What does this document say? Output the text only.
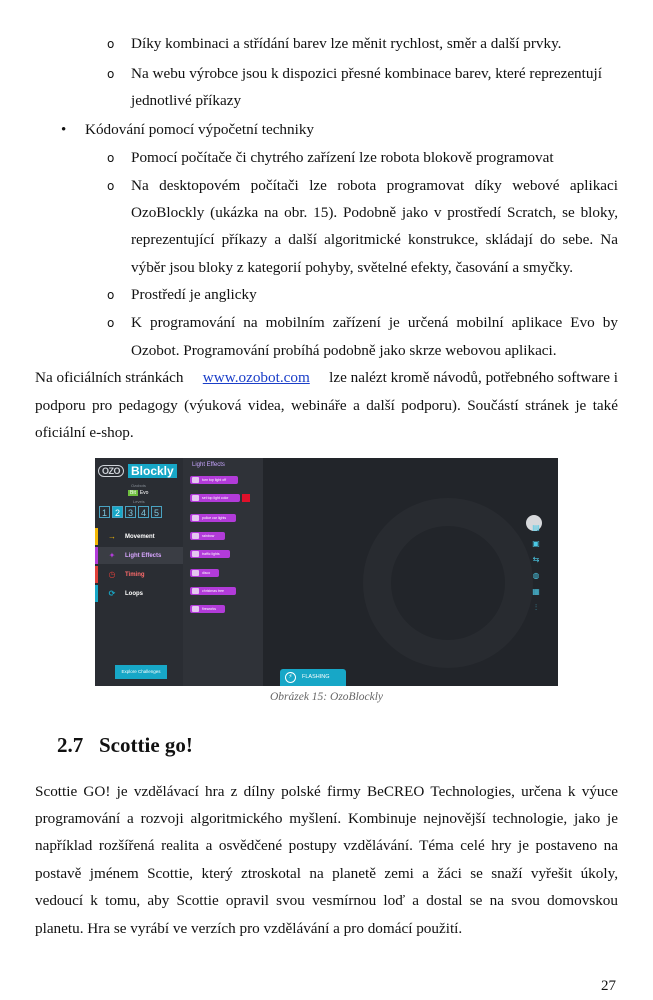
o Díky kombinaci a střídání barev lze měnit rychlost, směr a další prvky.
o Na webu výrobce jsou k dispozici přesné kombinace barev, které reprezentují
jednotlivé příkazy
• Kódování pomocí výpočetní techniky
o Pomocí počítače či chytrého zařízení lze robota blokově programovat
o Na desktopovém počítači lze robota programovat díky webové aplikaci
OzoBlockly (ukázka na obr. 15). Podobně jako v prostředí Scratch, se bloky,
reprezentující příkazy a další algoritmické konstrukce, skládají do sebe. Na
výběr jsou bloky z kategorií pohyby, světelné efekty, časování a smyčky.
o Prostředí je anglicky
o K programování na mobilním zařízení je určená mobilní aplikace Evo by
Ozobot. Programování probíhá podobně jako skrze webovou aplikaci.
Na oficiálních stránkách www.ozobot.com lze nalézt kromě návodů, potřebného software i
podporu pro pedagogy (výuková videa, webináře a další podporu). Součástí stránek je také
oficiální e-shop.
OZO Blockly
Ozobots
Bit Evo
Levels
1 2 3 4 5
→ Movement
✦ Light Effects
◷ Timing
⟳ Loops
Explore Challenges
Light Effects
turn top light off
set top light color
police car lights
rainbow
traffic lights
disco
christmas tree
fireworks
▤
▣
⇆
◍
▦
⫶
⚡	FLASHING
Obrázek 15: OzoBlockly
2.7 Scottie go!
Scottie GO! je vzdělávací hra z dílny polské firmy BeCREO Technologies, určena k výuce
programování a rozvoji algoritmického myšlení. Kombinuje nejnovější technologie, jako je
například rozšířená realita a osvědčené postupy vzdělávání. Téma celé hry je postaveno na
postavě jménem Scottie, který ztroskotal na planetě zemi a žáci se snaží vyřešit úkoly,
vedoucí k tomu, aby Scottie opravil svou vesmírnou loď a dostal se na svou domovskou
planetu. Hra se vyrábí ve verzích pro vzdělávání a pro domácí použití.
27
